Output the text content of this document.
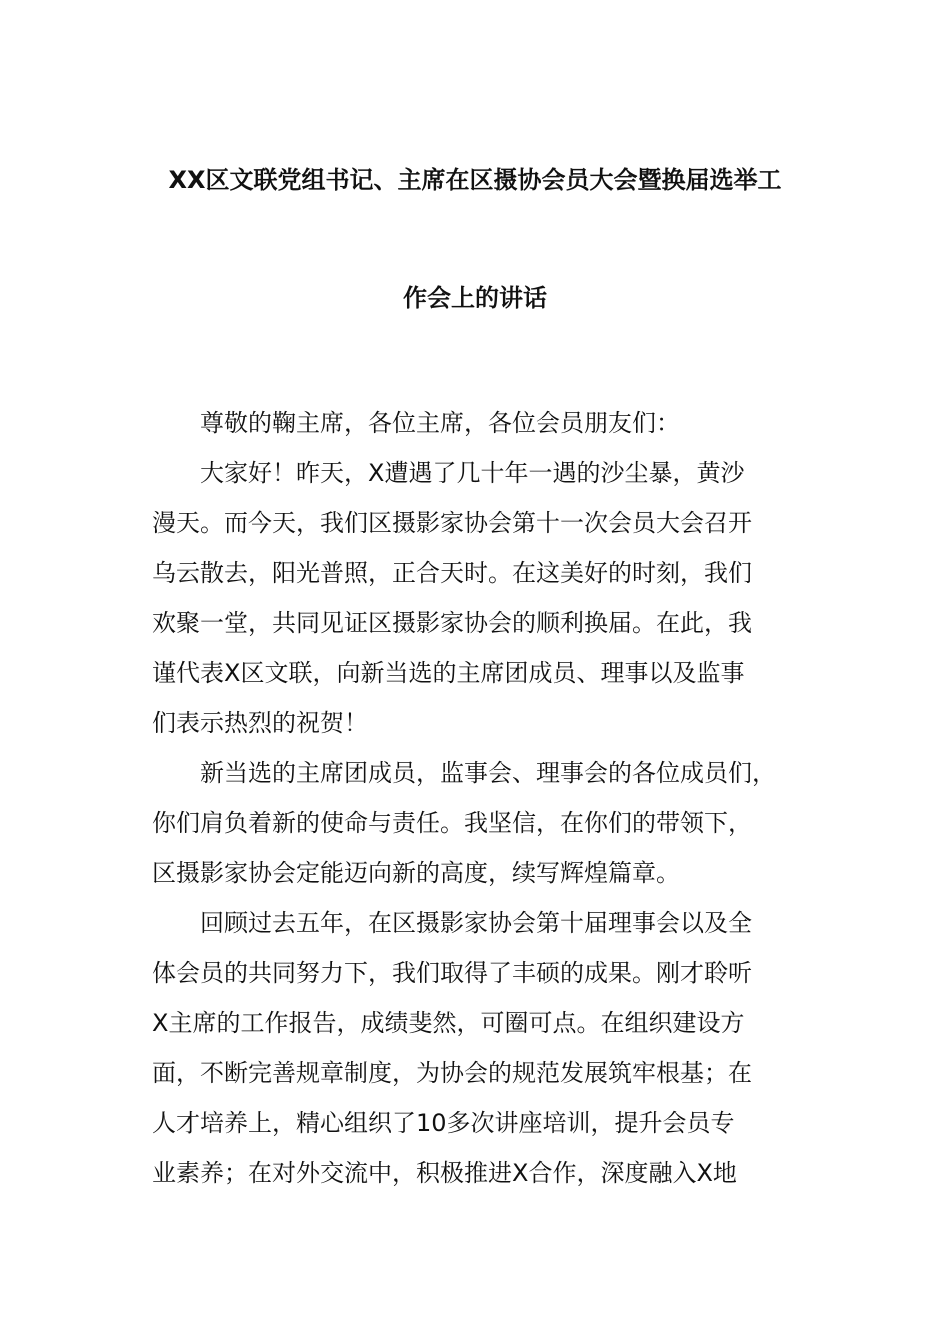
XX区文联党组书记、主席在区摄协会员大会暨换届选举工
作会上的讲话

　　尊敬的鞠主席，各位主席，各位会员朋友们：

　　大家好！昨天，X遭遇了几十年一遇的沙尘暴，黄沙

漫天。而今天，我们区摄影家协会第十一次会员大会召开

乌云散去，阳光普照，正合天时。在这美好的时刻，我们

欢聚一堂，共同见证区摄影家协会的顺利换届。在此，我

谨代表X区文联，向新当选的主席团成员、理事以及监事

们表示热烈的祝贺！

　　新当选的主席团成员，监事会、理事会的各位成员们，

你们肩负着新的使命与责任。我坚信，在你们的带领下，

区摄影家协会定能迈向新的高度，续写辉煌篇章。

　　回顾过去五年，在区摄影家协会第十届理事会以及全

体会员的共同努力下，我们取得了丰硕的成果。刚才聆听

X主席的工作报告，成绩斐然，可圈可点。在组织建设方

面，不断完善规章制度，为协会的规范发展筑牢根基；在

人才培养上，精心组织了10多次讲座培训，提升会员专

业素养；在对外交流中，积极推进X合作，深度融入X地
